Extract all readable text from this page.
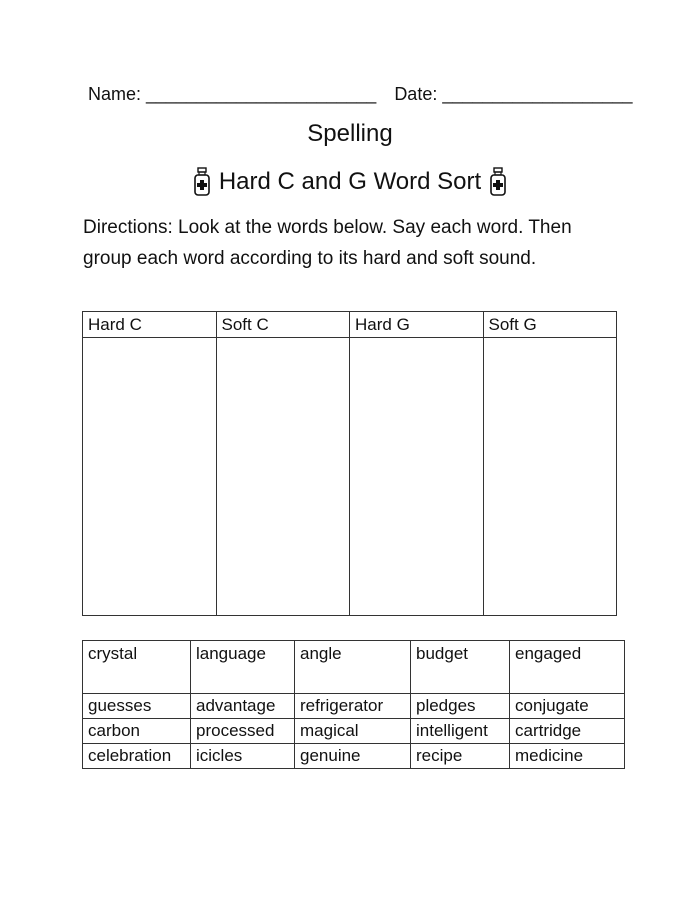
Name: _______________________ Date: ___________________
Spelling
Hard C and G Word Sort
Directions: Look at the words below. Say each word. Then group each word according to its hard and soft sound.
Hard C	Soft C	Hard G	Soft G

crystal	language	angle	budget	engaged
guesses	advantage	refrigerator	pledges	conjugate
carbon	processed	magical	intelligent	cartridge
celebration	icicles	genuine	recipe	medicine
